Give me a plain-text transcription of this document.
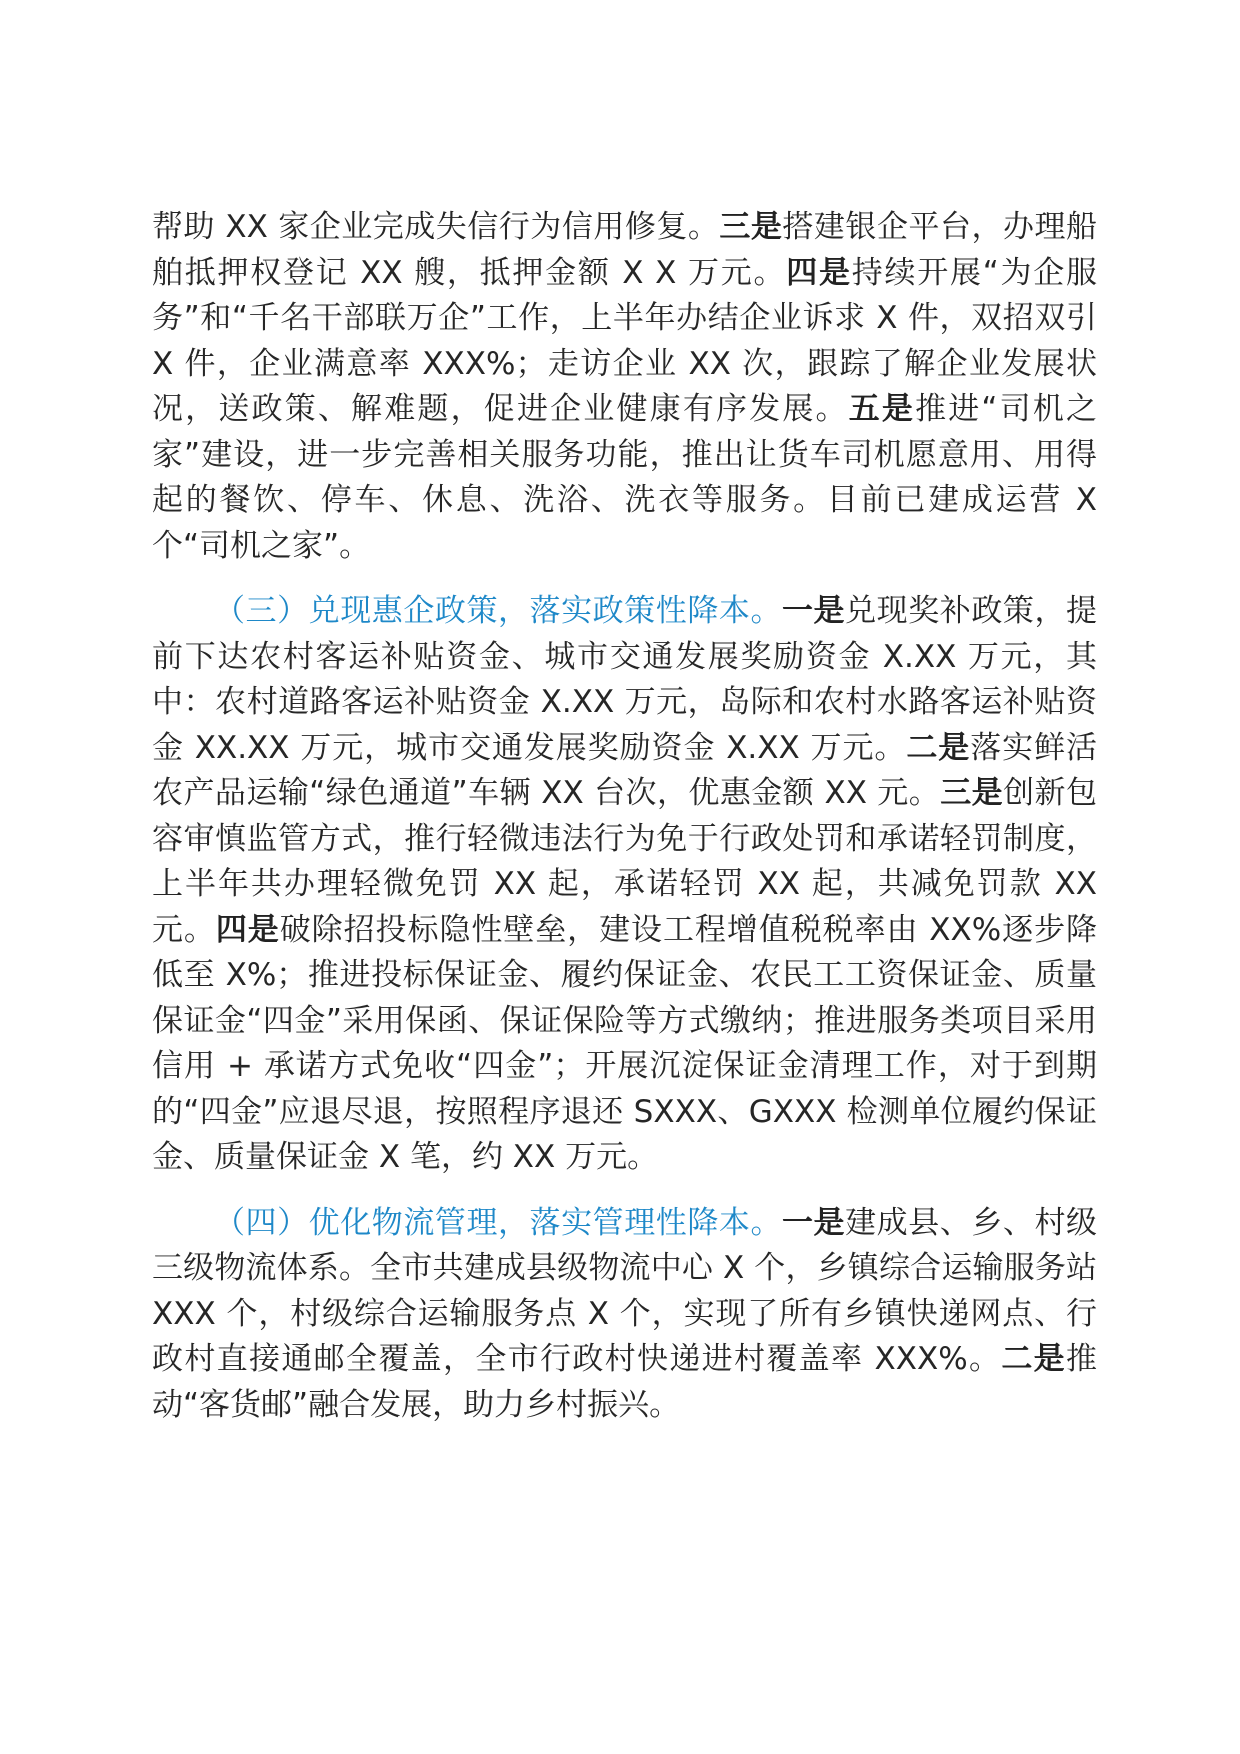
帮助 XX 家企业完成失信行为信用修复。三是搭建银企平台，办理船舶抵押权登记 XX 艘，抵押金额 X X 万元。四是持续开展“为企服务”和“千名干部联万企”工作，上半年办结企业诉求 X 件，双招双引 X 件，企业满意率 XXX%；走访企业 XX 次，跟踪了解企业发展状况，送政策、解难题，促进企业健康有序发展。五是推进“司机之家”建设，进一步完善相关服务功能，推出让货车司机愿意用、用得起的餐饮、停车、休息、洗浴、洗衣等服务。目前已建成运营 X 个“司机之家”。

（三）兑现惠企政策，落实政策性降本。一是兑现奖补政策，提前下达农村客运补贴资金、城市交通发展奖励资金 X.XX 万元，其中：农村道路客运补贴资金 X.XX 万元，岛际和农村水路客运补贴资金 XX.XX 万元，城市交通发展奖励资金 X.XX 万元。二是落实鲜活农产品运输“绿色通道”车辆 XX 台次，优惠金额 XX 元。三是创新包容审慎监管方式，推行轻微违法行为免于行政处罚和承诺轻罚制度，上半年共办理轻微免罚 XX 起，承诺轻罚 XX 起，共减免罚款 XX 元。四是破除招投标隐性壁垒，建设工程增值税税率由 XX%逐步降低至 X%；推进投标保证金、履约保证金、农民工工资保证金、质量保证金“四金”采用保函、保证保险等方式缴纳；推进服务类项目采用信用 + 承诺方式免收“四金”；开展沉淀保证金清理工作，对于到期的“四金”应退尽退，按照程序退还 SXXX、GXXX 检测单位履约保证金、质量保证金 X 笔，约 XX 万元。

（四）优化物流管理，落实管理性降本。一是建成县、乡、村级三级物流体系。全市共建成县级物流中心 X 个，乡镇综合运输服务站 XXX 个，村级综合运输服务点 X 个，实现了所有乡镇快递网点、行政村直接通邮全覆盖，全市行政村快递进村覆盖率 XXX%。二是推动“客货邮”融合发展，助力乡村振兴。
